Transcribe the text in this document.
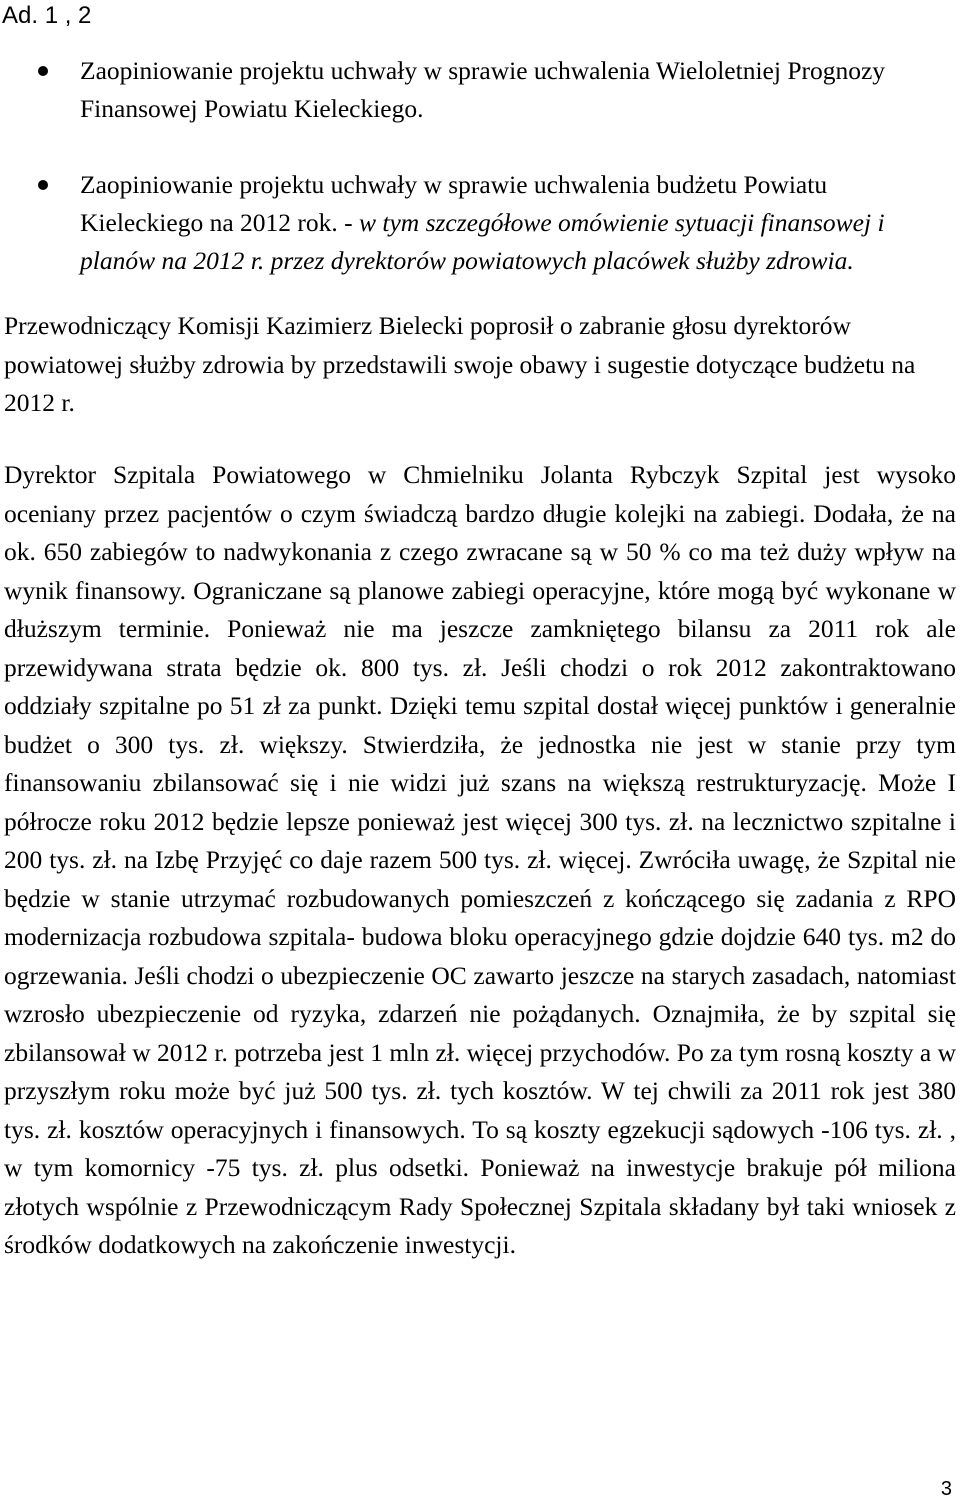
Ad. 1 , 2
Zaopiniowanie projektu uchwały w sprawie uchwalenia Wieloletniej Prognozy Finansowej Powiatu Kieleckiego.
Zaopiniowanie projektu uchwały w sprawie uchwalenia budżetu Powiatu Kieleckiego na 2012 rok. - w tym szczegółowe omówienie sytuacji finansowej i planów na 2012 r. przez dyrektorów powiatowych placówek służby zdrowia.

Przewodniczący Komisji Kazimierz Bielecki poprosił o zabranie głosu dyrektorów powiatowej służby zdrowia by przedstawili swoje obawy i sugestie dotyczące budżetu na 2012 r.

Dyrektor Szpitala Powiatowego w Chmielniku Jolanta Rybczyk Szpital jest wysoko oceniany przez pacjentów o czym świadczą bardzo długie kolejki na zabiegi. Dodała, że na ok. 650 zabiegów to nadwykonania z czego zwracane są w 50 % co ma też duży wpływ na wynik finansowy. Ograniczane są planowe zabiegi operacyjne, które mogą być wykonane w dłuższym terminie. Ponieważ nie ma jeszcze zamkniętego bilansu za 2011 rok ale przewidywana strata będzie ok. 800 tys. zł. Jeśli chodzi o rok 2012 zakontraktowano oddziały szpitalne po 51 zł za punkt. Dzięki temu szpital dostał więcej punktów i generalnie budżet o 300 tys. zł. większy. Stwierdziła, że jednostka nie jest w stanie przy tym finansowaniu zbilansować się i nie widzi już szans na większą restrukturyzację. Może I półrocze roku 2012 będzie lepsze ponieważ jest więcej 300 tys. zł. na lecznictwo szpitalne i 200 tys. zł. na Izbę Przyjęć co daje razem 500 tys. zł. więcej. Zwróciła uwagę, że Szpital nie będzie w stanie utrzymać rozbudowanych pomieszczeń z kończącego się zadania z RPO modernizacja rozbudowa szpitala- budowa bloku operacyjnego gdzie dojdzie 640 tys. m2 do ogrzewania. Jeśli chodzi o ubezpieczenie OC zawarto jeszcze na starych zasadach, natomiast wzrosło ubezpieczenie od ryzyka, zdarzeń nie pożądanych. Oznajmiła, że by szpital się zbilansował w 2012 r. potrzeba jest 1 mln zł. więcej przychodów. Po za tym rosną koszty a w przyszłym roku może być już 500 tys. zł. tych kosztów. W tej chwili za 2011 rok jest 380 tys. zł. kosztów operacyjnych i finansowych. To są koszty egzekucji sądowych -106 tys. zł. , w tym komornicy -75 tys. zł. plus odsetki. Ponieważ na inwestycje brakuje pół miliona złotych wspólnie z Przewodniczącym Rady Społecznej Szpitala składany był taki wniosek z środków dodatkowych na zakończenie inwestycji.

3
